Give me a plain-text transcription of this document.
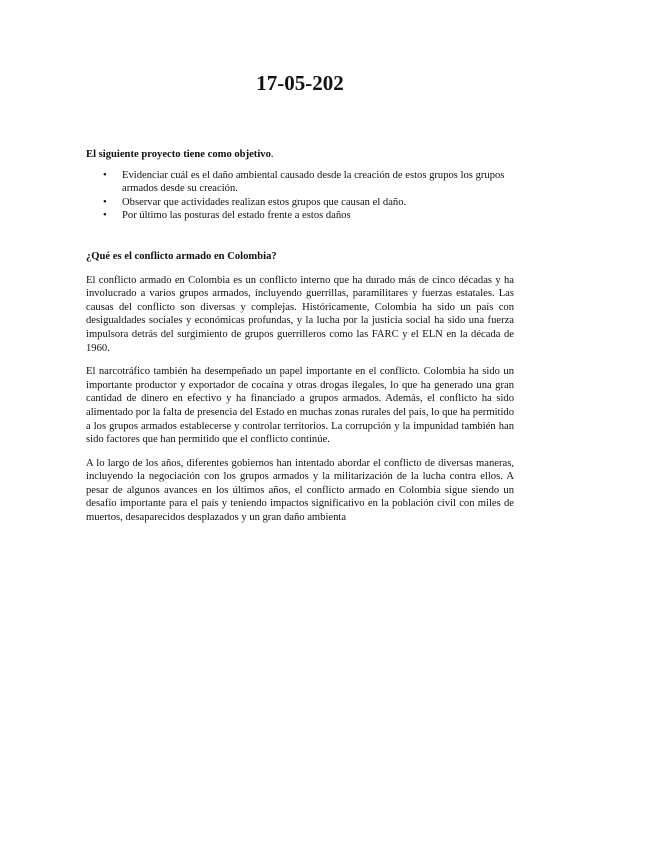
17-05-202

El siguiente proyecto tiene como objetivo.

• Evidenciar cuál es el daño ambiental causado desde la creación de estos grupos los grupos armados desde su creación.
• Observar que actividades realizan estos grupos que causan el daño.
• Por último las posturas del estado frente a estos daños

¿Qué es el conflicto armado en Colombia?

El conflicto armado en Colombia es un conflicto interno que ha durado más de cinco décadas y ha involucrado a varios grupos armados, incluyendo guerrillas, paramilitares y fuerzas estatales. Las causas del conflicto son diversas y complejas. Históricamente, Colombia ha sido un país con desigualdades sociales y económicas profundas, y la lucha por la justicia social ha sido una fuerza impulsora detrás del surgimiento de grupos guerrilleros como las FARC y el ELN en la década de 1960.

El narcotráfico también ha desempeñado un papel importante en el conflicto. Colombia ha sido un importante productor y exportador de cocaína y otras drogas ilegales, lo que ha generado una gran cantidad de dinero en efectivo y ha financiado a grupos armados. Además, el conflicto ha sido alimentado por la falta de presencia del Estado en muchas zonas rurales del país, lo que ha permitido a los grupos armados establecerse y controlar territorios. La corrupción y la impunidad también han sido factores que han permitido que el conflicto continúe.

A lo largo de los años, diferentes gobiernos han intentado abordar el conflicto de diversas maneras, incluyendo la negociación con los grupos armados y la militarización de la lucha contra ellos. A pesar de algunos avances en los últimos años, el conflicto armado en Colombia sigue siendo un desafío importante para el país y teniendo impactos significativo en la población civil con miles de muertos, desaparecidos desplazados y un gran daño ambienta
